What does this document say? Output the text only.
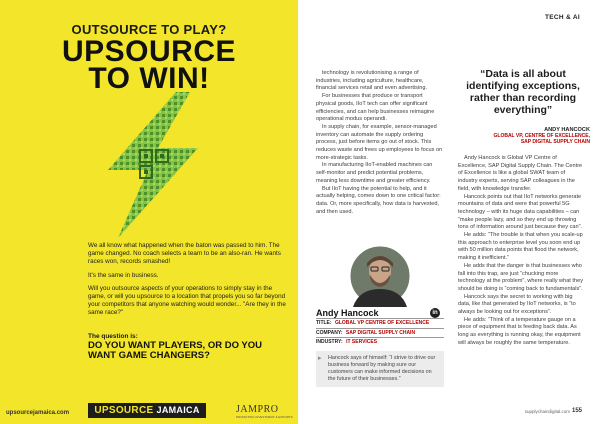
OUTSOURCE TO PLAY?
UPSOURCE
TO WIN!

We all know what happened when the baton was passed to him. The game changed. No coach selects a team to be an also-ran. He wants races won, records smashed!

It's the same in business.

Will you outsource aspects of your operations to simply stay in the game, or will you upsource to a location that propels you so far beyond your competitors that anyone watching would wonder... "Are they in the same race?"

The question is:
DO YOU WANT PLAYERS, OR DO YOU WANT GAME CHANGERS?
upsourcejamaica.com	UPSOURCE JAMAICA	JAMPRO
PROMOTING INVESTMENT & EXPORTS
TECH & AI

technology is revolutionising a range of industries, including agriculture, healthcare, financial services retail and even advertising.

For businesses that produce or transport physical goods, IIoT tech can offer significant efficiencies, and can help businesses reimagine operational modus operandi.

In supply chain, for example, sensor-managed inventory can automate the supply ordering process, just before items go out of stock. This reduces waste and frees up employees to focus on more-strategic tasks.

In manufacturing IIoT-enabled machines can self-monitor and predict potential problems, meaning less downtime and greater efficiency.

But IIoT having the potential to help, and it actually helping, comes down to one critical factor: data. Or, more specifically, how data is harvested, and then used.

Andy Hancock	in
TITLE: GLOBAL VP CENTRE OF EXCELLENCE
COMPANY: SAP DIGITAL SUPPLY CHAIN
INDUSTRY: IT SERVICES
▸ Hancock says of himself: “I strive to drive our business forward by making sure our customers can make informed decisions on the future of their businesses.”
“Data is all about identifying exceptions, rather than recording everything”
ANDY HANCOCK
GLOBAL VP, CENTRE OF EXCELLENCE,
SAP DIGITAL SUPPLY CHAIN

Andy Hancock is Global VP Centre of Excellence, SAP Digital Supply Chain. The Centre of Excellence is like a global SWAT team of industry experts, serving SAP colleagues in the field, with knowledge transfer.

Hancock points out that IIoT networks generate mountains of data and were that powerful 5G technology – with its huge data capabilities – can “make people lazy, and so they end up throwing tons of information around just because they can”.

He adds: “The trouble is that when you scale-up this approach to enterprise level you soon end up with 50 million data points that flood the network, making it inefficient.”

He adds that the danger is that businesses who fall into this trap, are just “chucking more technology at the problem”, where really what they should be doing is “coming back to fundamentals”.

Hancock says the secret to working with big data, like that generated by IIoT networks, is “to always be looking out for exceptions”.

He adds: “Think of a temperature gauge on a piece of equipment that is feeding back data. As long as everything is running okay, the equipment will always be roughly the same temperature.

supplychaindigital.com 155
